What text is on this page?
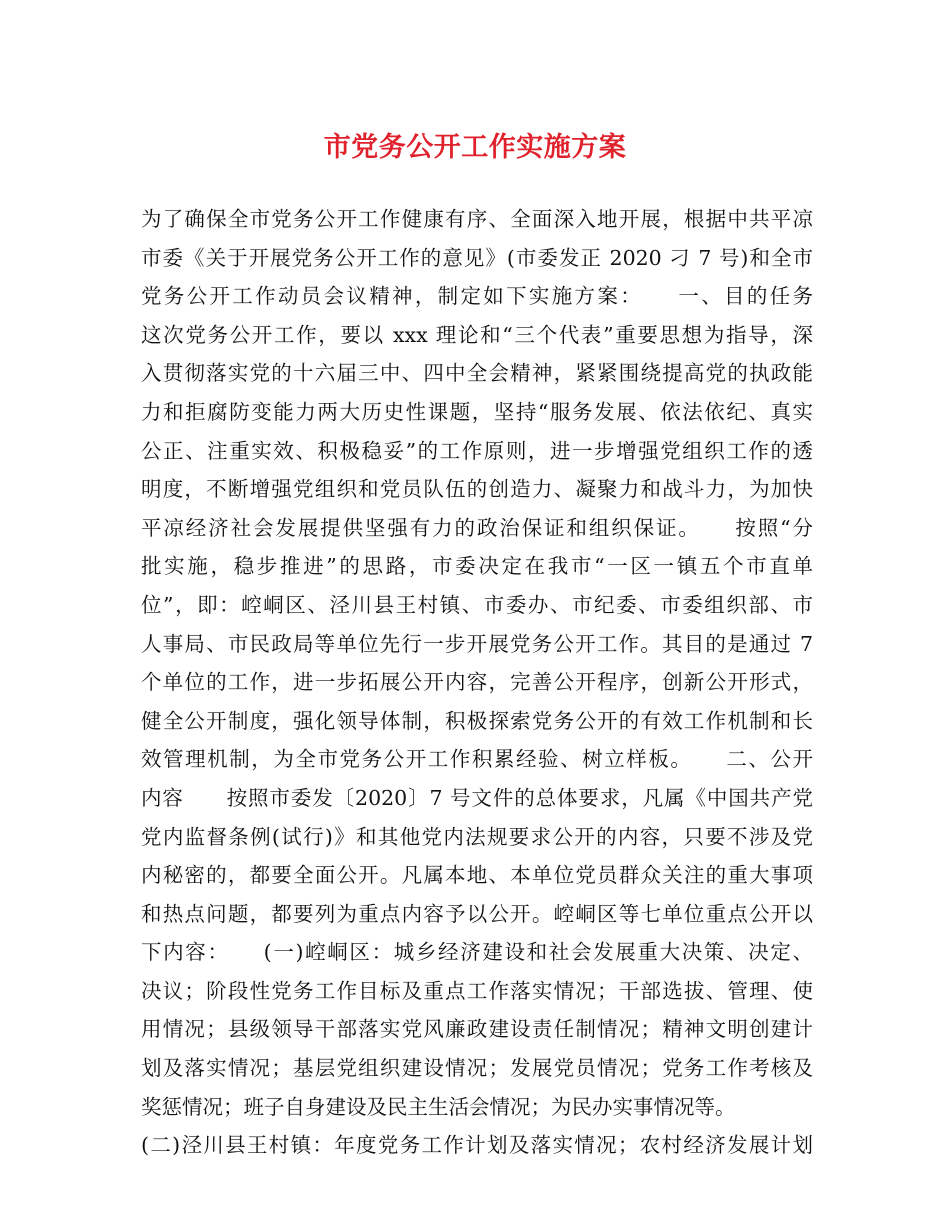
市党务公开工作实施方案
为了确保全市党务公开工作健康有序、全面深入地开展，根据中共平凉
市委《关于开展党务公开工作的意见》(市委发正 2020 刁 7 号)和全市
党务公开工作动员会议精神，制定如下实施方案：　　一、目的任务
这次党务公开工作，要以 xxx 理论和“三个代表”重要思想为指导，深
入贯彻落实党的十六届三中、四中全会精神，紧紧围绕提高党的执政能
力和拒腐防变能力两大历史性课题，坚持“服务发展、依法依纪、真实
公正、注重实效、积极稳妥”的工作原则，进一步增强党组织工作的透
明度，不断增强党组织和党员队伍的创造力、凝聚力和战斗力，为加快
平凉经济社会发展提供坚强有力的政治保证和组织保证。　　按照“分
批实施，稳步推进”的思路，市委决定在我市“一区一镇五个市直单
位”，即：崆峒区、泾川县王村镇、市委办、市纪委、市委组织部、市
人事局、市民政局等单位先行一步开展党务公开工作。其目的是通过 7
个单位的工作，进一步拓展公开内容，完善公开程序，创新公开形式，
健全公开制度，强化领导体制，积极探索党务公开的有效工作机制和长
效管理机制，为全市党务公开工作积累经验、树立样板。　　二、公开
内容　　按照市委发〔2020〕7 号文件的总体要求，凡属《中国共产党
党内监督条例(试行)》和其他党内法规要求公开的内容，只要不涉及党
内秘密的，都要全面公开。凡属本地、本单位党员群众关注的重大事项
和热点问题，都要列为重点内容予以公开。崆峒区等七单位重点公开以
下内容：　　(一)崆峒区：城乡经济建设和社会发展重大决策、决定、
决议；阶段性党务工作目标及重点工作落实情况；干部选拔、管理、使
用情况；县级领导干部落实党风廉政建设责任制情况；精神文明创建计
划及落实情况；基层党组织建设情况；发展党员情况；党务工作考核及
奖惩情况；班子自身建设及民主生活会情况；为民办实事情况等。
(二)泾川县王村镇：年度党务工作计划及落实情况；农村经济发展计划
